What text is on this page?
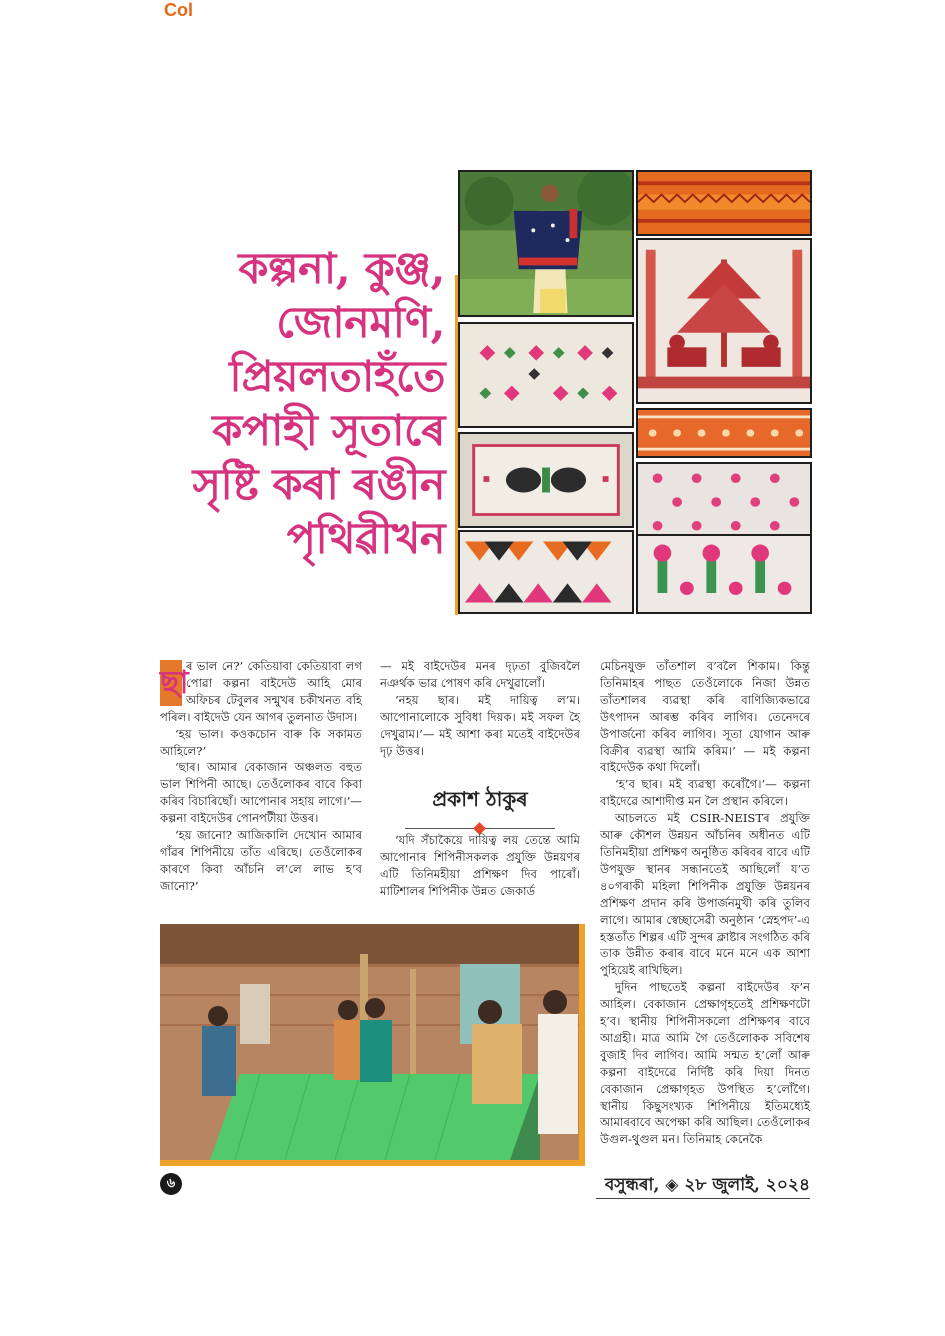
Col
কল্পনা, কুঞ্জ,
জোনমণি,
প্ৰিয়লতাহঁতে
কপাহী সূতাৰে
সৃষ্টি কৰা ৰঙীন
পৃথিৱীখন

ছা
ৰ ভাল নে?’ কেতিয়াবা কেতিয়াবা লগ পোৱা কল্পনা বাইদেউ আহি মোৰ অফিচৰ টেবুলৰ সন্মুখৰ চকীখনত বহি পৰিল। বাইদেউ যেন আগৰ তুলনাত উদাস।

‘হয় ভাল। কওকচোন বাৰু কি সকামত আহিলে?’

‘ছাৰ। আমাৰ বেকাজান অঞ্চলত বহুত ভাল শিপিনী আছে। তেওঁলোকৰ বাবে কিবা কৰিব বিচাৰিছোঁ। আপোনাৰ সহায় লাগে।’— কল্পনা বাইদেউৰ পোনপটীয়া উত্তৰ।

‘হয় জানো? আজিকালি দেখোন আমাৰ গাঁৱৰ শিপিনীয়ে তাঁত এৰিছে। তেওঁলোকৰ কাৰণে কিবা আঁচনি ল’লে লাভ হ’ব জানো?’

— মই বাইদেউৰ মনৰ দৃঢ়তা বুজিবলৈ নঞৰ্থক ভাৱ পোষণ কৰি দেখুৱালোঁ।

‘নহয় ছাৰ। মই দায়িত্ব ল’ম। আপোনালোকে সুবিধা দিয়ক। মই সফল হৈ দেখুৱাম।’— মই আশা কৰা মতেই বাইদেউৰ দৃঢ় উত্তৰ।

প্ৰকাশ ঠাকুৰ

‘যদি সঁচাকৈয়ে দায়িত্ব লয় তেন্তে আমি আপোনাৰ শিপিনীসকলক প্ৰযুক্তি উন্নয়ণৰ এটি তিনিমহীয়া প্ৰশিক্ষণ দিব পাৰোঁ। মাটিশালৰ শিপিনীক উন্নত জেকাৰ্ড

মেচিনযুক্ত তাঁতশাল ব’বলৈ শিকাম। কিন্তু তিনিমাহৰ পাছত তেওঁলোকে নিজা উন্নত তাঁতশালৰ ব্যৱস্থা কৰি বাণিজ্যিকভাৱে উৎপাদন আৰম্ভ কৰিব লাগিব। তেনেদৰে উপাৰ্জনো কৰিব লাগিব। সূতা যোগান আৰু বিক্ৰীৰ ব্যৱস্থা আমি কৰিম।’ — মই কল্পনা বাইদেউক কথা দিলোঁ।

‘হ’ব ছাৰ। মই ব্যৱস্থা কৰোঁগৈ।’— কল্পনা বাইদেৱে আশাদীপ্ত মন লৈ প্ৰস্থান কৰিলে।

আচলতে মই CSIR-NEISTৰ প্ৰযুক্তি আৰু কৌশল উন্নয়ন আঁচনিৰ অধীনত এটি তিনিমহীয়া প্ৰশিক্ষণ অনুষ্ঠিত কৰিবৰ বাবে এটি উপযুক্ত স্থানৰ সন্ধানতেই আছিলোঁ য’ত ৪০গৰাকী মহিলা শিপিনীক প্ৰযুক্তি উন্নয়নৰ প্ৰশিক্ষণ প্ৰদান কৰি উপাৰ্জনমুখী কৰি তুলিব লাগে। আমাৰ স্বেচ্ছাসেৱী অনুষ্ঠান ‘স্নেহপদ’-এ হস্ততাঁত শিল্পৰ এটি সুন্দৰ ক্লাষ্টাৰ সংগঠিত কৰি তাক উন্নীত কৰাৰ বাবে মনে মনে এক আশা পুহিয়েই ৰাখিছিল।

দুদিন পাছতেই কল্পনা বাইদেউৰ ফ’ন আহিল। বেকাজান প্ৰেক্ষাগৃহতেই প্ৰশিক্ষণটো হ’ব। স্থানীয় শিপিনীসকলো প্ৰশিক্ষণৰ বাবে আগ্ৰহী। মাত্ৰ আমি গৈ তেওঁলোকক সবিশেষ বুজাই দিব লাগিব। আমি সন্মত হ’লোঁ আৰু কল্পনা বাইদেৱে নিৰ্দিষ্ট কৰি দিয়া দিনত বেকাজান প্ৰেক্ষাগৃহত উপস্থিত হ’লোঁগৈ। স্থানীয় কিছুসংখ্যক শিপিনীয়ে ইতিমধ্যেই আমাৰবাবে অপেক্ষা কৰি আছিল। তেওঁলোকৰ উগুল-থুগুল মন। তিনিমাহ কেনেকৈ

৬	বসুন্ধৰা, ◈ ২৮ জুলাই, ২০২৪
